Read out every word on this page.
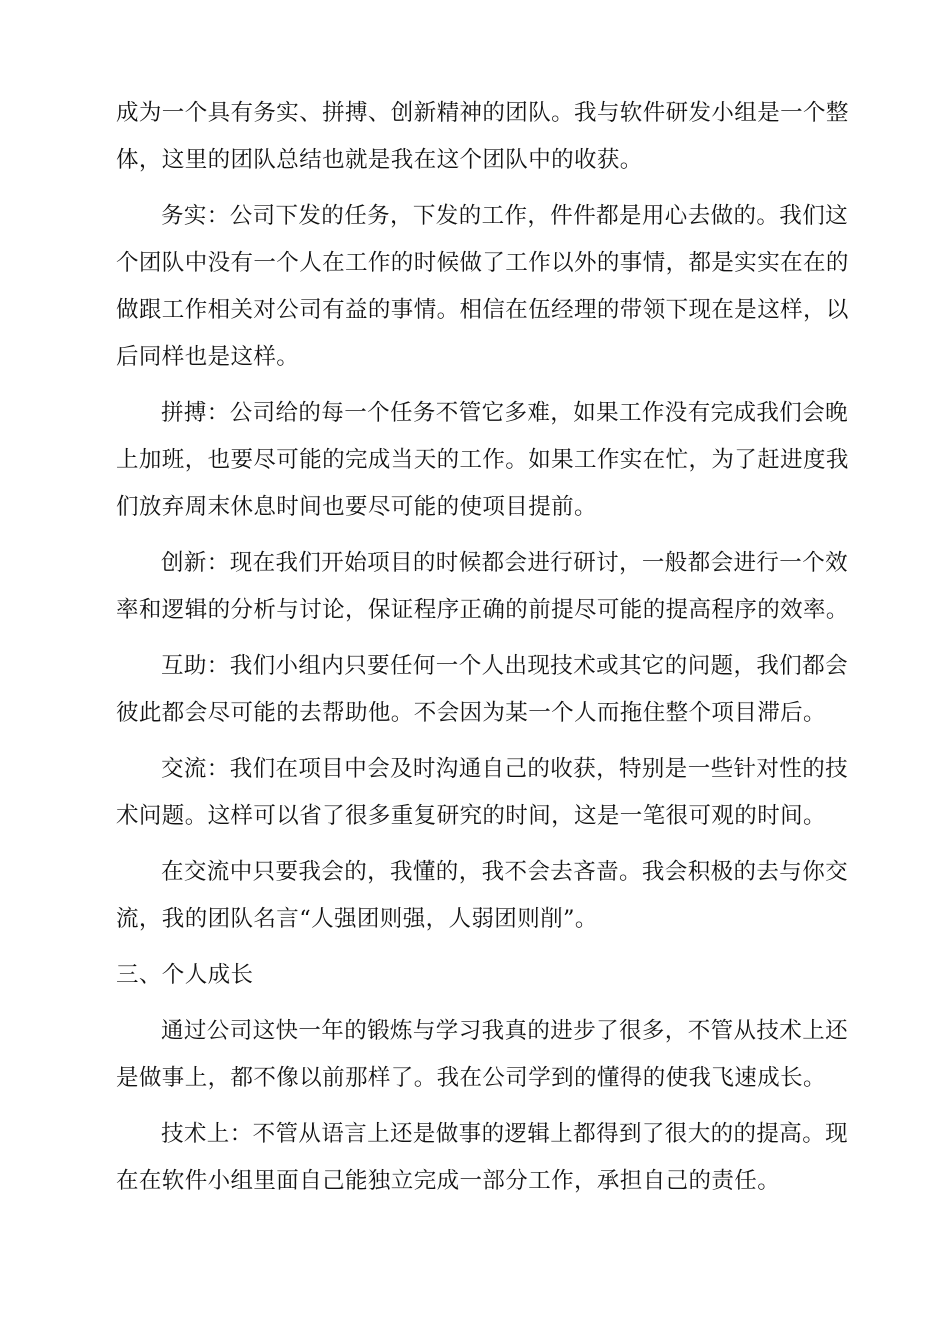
成为一个具有务实、拼搏、创新精神的团队。我与软件研发小组是一个整
体，这里的团队总结也就是我在这个团队中的收获。
务实：公司下发的任务，下发的工作，件件都是用心去做的。我们这
个团队中没有一个人在工作的时候做了工作以外的事情，都是实实在在的
做跟工作相关对公司有益的事情。相信在伍经理的带领下现在是这样，以
后同样也是这样。
拼搏：公司给的每一个任务不管它多难，如果工作没有完成我们会晚
上加班，也要尽可能的完成当天的工作。如果工作实在忙，为了赶进度我
们放弃周末休息时间也要尽可能的使项目提前。
创新：现在我们开始项目的时候都会进行研讨，一般都会进行一个效
率和逻辑的分析与讨论，保证程序正确的前提尽可能的提高程序的效率。
互助：我们小组内只要任何一个人出现技术或其它的问题，我们都会
彼此都会尽可能的去帮助他。不会因为某一个人而拖住整个项目滞后。
交流：我们在项目中会及时沟通自己的收获，特别是一些针对性的技
术问题。这样可以省了很多重复研究的时间，这是一笔很可观的时间。
在交流中只要我会的，我懂的，我不会去吝啬。我会积极的去与你交
流，我的团队名言“人强团则强，人弱团则削”。
三、个人成长
通过公司这快一年的锻炼与学习我真的进步了很多，不管从技术上还
是做事上，都不像以前那样了。我在公司学到的懂得的使我飞速成长。
技术上：不管从语言上还是做事的逻辑上都得到了很大的的提高。现
在在软件小组里面自己能独立完成一部分工作，承担自己的责任。
